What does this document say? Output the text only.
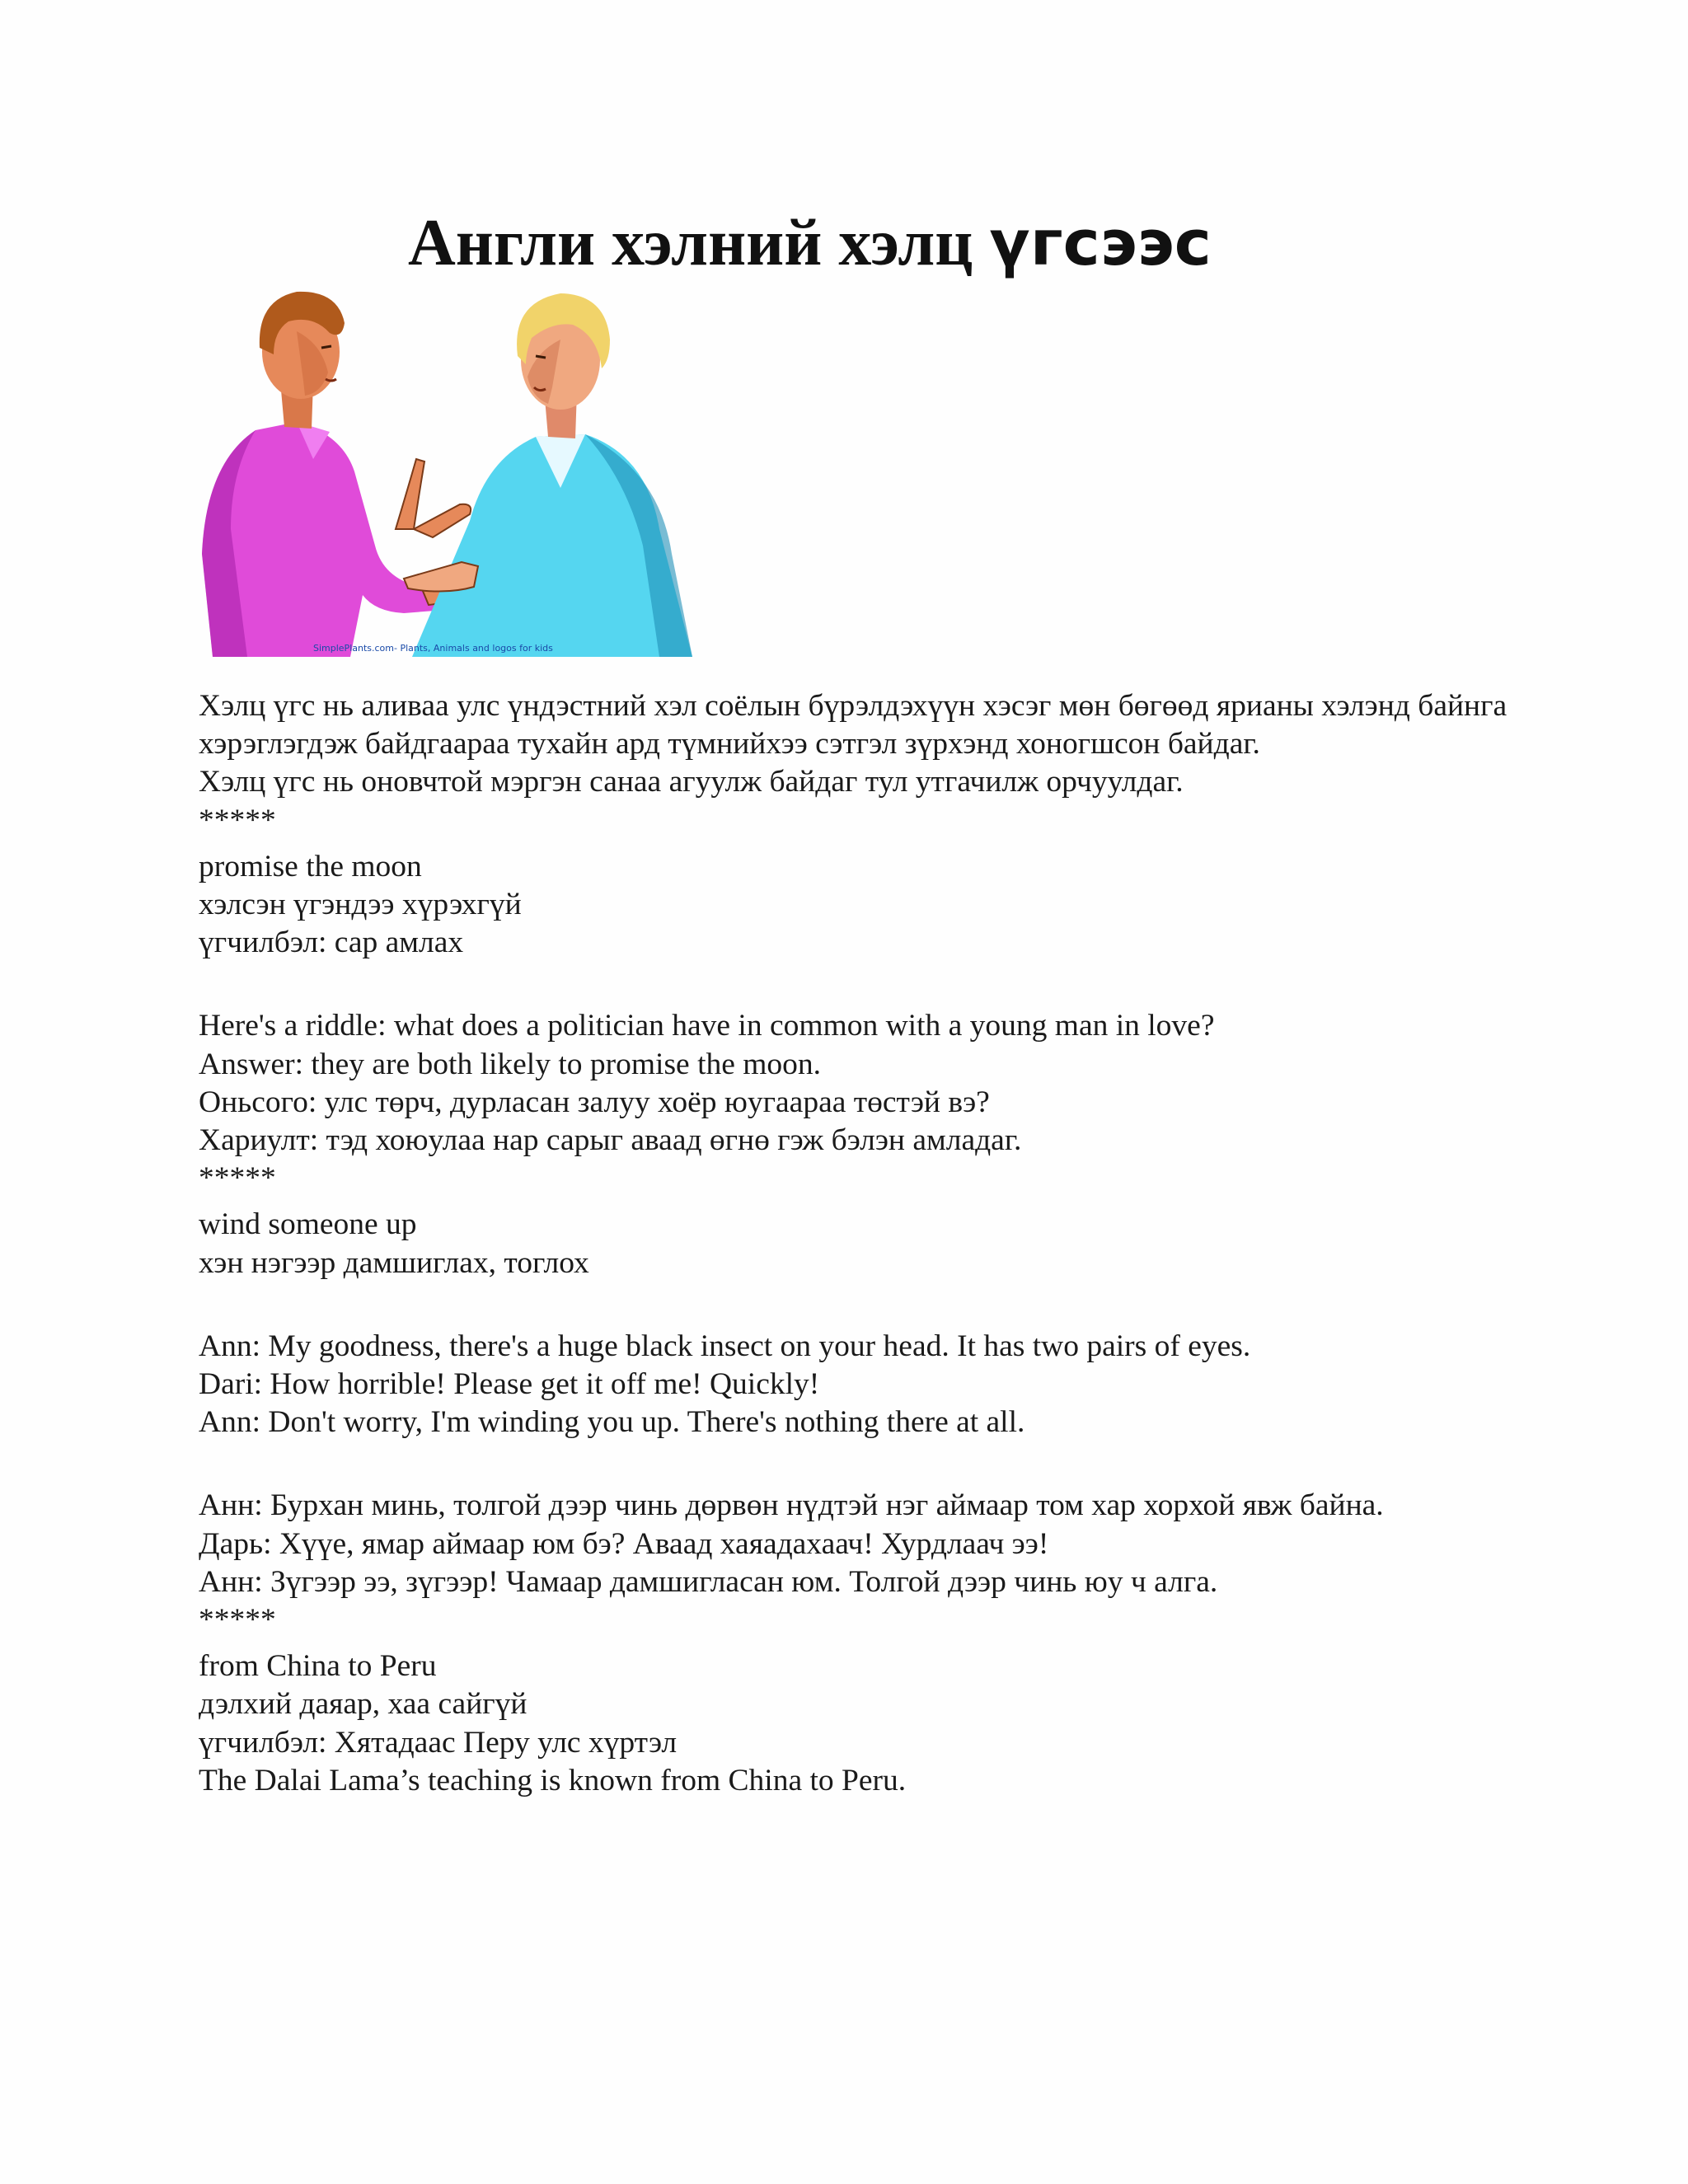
Англи хэлний хэлц үгсээс
SimplePlants.com- Plants, Animals and logos for kids
Хэлц үгс нь аливаа улс үндэстний хэл соёлын бүрэлдэхүүн хэсэг мөн бөгөөд ярианы хэлэнд байнга хэрэглэгдэж байдгаараа тухайн ард түмнийхээ сэтгэл зүрхэнд хоногшсон байдаг.
Хэлц үгс нь оновчтой мэргэн санаа агуулж байдаг тул утгачилж орчуулдаг.
*****
promise the moon
хэлсэн үгэндээ хүрэхгүй
үгчилбэл: сар амлах
Here's a riddle: what does a politician have in common with a young man in love?
Answer: they are both likely to promise the moon.
Оньсого: улс төрч, дурласан залуу хоёр юугаараа төстэй вэ?
Хариулт: тэд хоюулаа нар сарыг аваад өгнө гэж бэлэн амладаг.
*****
wind someone up
хэн нэгээр дамшиглах, тоглох
Ann: My goodness, there's a huge black insect on your head. It has two pairs of eyes.
Dari: How horrible! Please get it off me! Quickly!
Ann: Don't worry, I'm winding you up. There's nothing there at all.
Анн: Бурхан минь, толгой дээр чинь дөрвөн нүдтэй нэг аймаар том хар хорхой явж байна.
Дарь: Хүүе, ямар аймаар юм бэ? Аваад хаяадахаач! Хурдлаач ээ!
Анн: Зүгээр ээ, зүгээр! Чамаар дамшигласан юм. Толгой дээр чинь юу ч алга.
*****
from China to Peru
дэлхий даяар, хаа сайгүй
үгчилбэл: Хятадаас Перу улс хүртэл
The Dalai Lama’s teaching is known from China to Peru.
